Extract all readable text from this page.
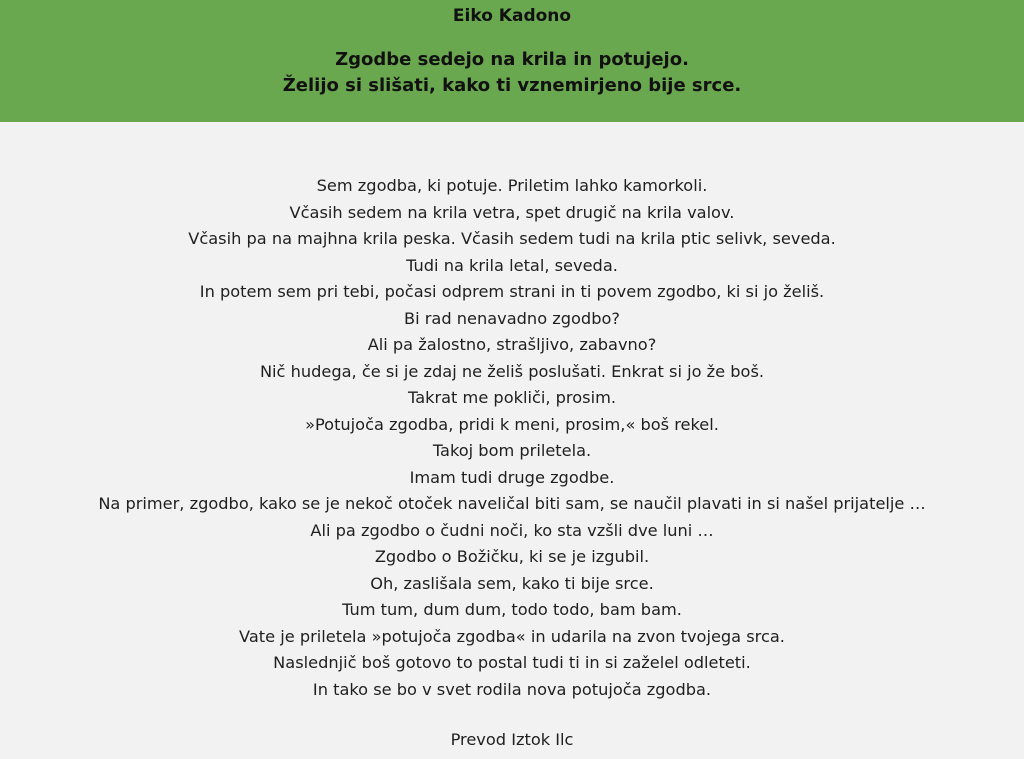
Eiko Kadono
Zgodbe sedejo na krila in potujejo.
Želijo si slišati, kako ti vznemirjeno bije srce.
Sem zgodba, ki potuje. Priletim lahko kamorkoli.
Včasih sedem na krila vetra, spet drugič na krila valov.
Včasih pa na majhna krila peska. Včasih sedem tudi na krila ptic selivk, seveda.
Tudi na krila letal, seveda.
In potem sem pri tebi, počasi odprem strani in ti povem zgodbo, ki si jo želiš.
Bi rad nenavadno zgodbo?
Ali pa žalostno, strašljivo, zabavno?
Nič hudega, če si je zdaj ne želiš poslušati. Enkrat si jo že boš.
Takrat me pokliči, prosim.
»Potujoča zgodba, pridi k meni, prosim,« boš rekel.
Takoj bom priletela.
Imam tudi druge zgodbe.
Na primer, zgodbo, kako se je nekoč otoček naveličal biti sam, se naučil plavati in si našel prijatelje …
Ali pa zgodbo o čudni noči, ko sta vzšli dve luni …
Zgodbo o Božičku, ki se je izgubil.
Oh, zaslišala sem, kako ti bije srce.
Tum tum, dum dum, todo todo, bam bam.
Vate je priletela »potujoča zgodba« in udarila na zvon tvojega srca.
Naslednjič boš gotovo to postal tudi ti in si zaželel odleteti.
In tako se bo v svet rodila nova potujoča zgodba.
Prevod Iztok Ilc
